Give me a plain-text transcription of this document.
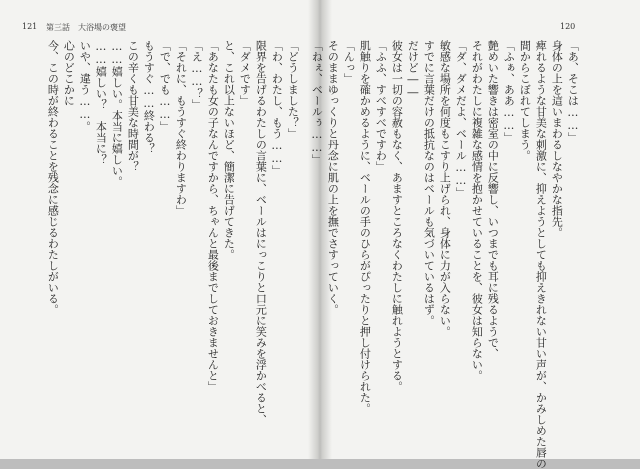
121 第三話　大浴場の褒望	120
「あ、そこは……」
身体の上を這いまわるしなやかな指先。
痺れるような甘美な刺激に、抑えようとしても抑えきれない甘い声が、かみしめた唇の
間からこぼれてしまう。
「ふぁ、ああ……」
艶めいた響きは密室の中に反響し、いつまでも耳に残るようで、
それがわたしに複雑な感情を抱かせていることを、彼女は知らない。
「ダ、ダメだよ、ベール……」
敏感な場所を何度もこすり上げられ、身体に力が入らない。
すでに言葉だけの抵抗なのはベールも気づいているはず。
だけど――
彼女は一切の容赦もなく、あますところなくわたしに触れようとする。
「ふふ、すべすべですわ」
肌触りを確かめるように、ベールの手のひらがぴったりと押し付けられた。
「んっ」
そのままゆっくりと丹念に肌の上を撫でさすっていく。
「ねぇ、ベールぅ……」
「どうしました？」
「わ、わたし、もう……」
限界を告げるわたしの言葉に、ベールはにっこりと口元に笑みを浮かべると、
「ダメです」
と、これ以上ないほど、簡潔に告げてきた。
「あなたも女の子なんですから、ちゃんと最後までしておきませんと」
「え……？」
「それに、もうすぐ終わりますわ」
「で、でも……」
もうすぐ……終わる？
この辛くも甘美な時間が？
……嬉しい。本当に嬉しい。
……嬉しい？　本当に？
いや、違う……。
心のどこかに
今、この時が終わることを残念に感じるわたしがいる。
